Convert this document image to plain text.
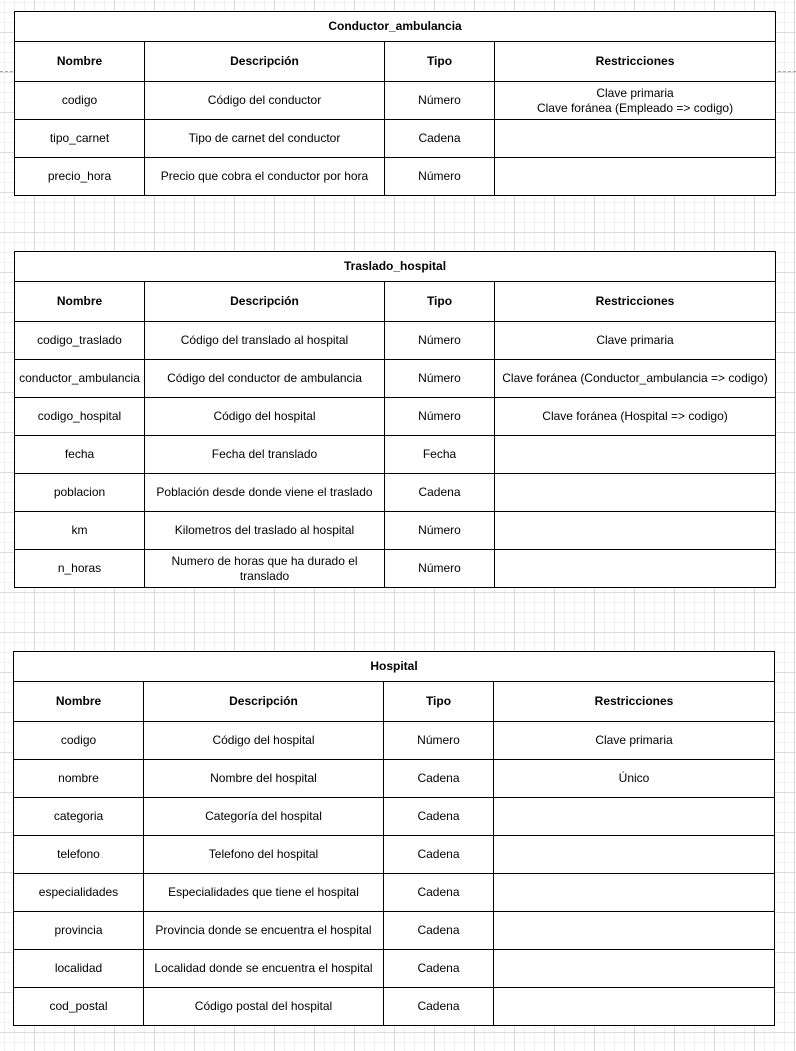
Conductor_ambulancia			
Nombre	Descripción	Tipo	Restricciones
codigo	Código del conductor	Número	Clave primaria
Clave foránea (Empleado => codigo)

tipo_carnet	Tipo de carnet del conductor	Cadena	
precio_hora	Precio que cobra el conductor por hora	Número	
Traslado_hospital			
Nombre	Descripción	Tipo	Restricciones
codigo_traslado	Código del translado al hospital	Número	Clave primaria

conductor_ambulancia	Código del conductor de ambulancia	Número	Clave foránea (Conductor_ambulancia => codigo)

codigo_hospital	Código del hospital	Número	Clave foránea (Hospital => codigo)

fecha	Fecha del translado	Fecha	
poblacion	Población desde donde viene el traslado	Cadena	
km	Kilometros del traslado al hospital	Número	
n_horas	Numero de horas que ha durado el translado	Número	
Hospital			
Nombre	Descripción	Tipo	Restricciones
codigo	Código del hospital	Número	Clave primaria

nombre	Nombre del hospital	Cadena	Único

categoria	Categoría del hospital	Cadena	
telefono	Telefono del hospital	Cadena	
especialidades	Especialidades que tiene el hospital	Cadena	
provincia	Provincia donde se encuentra el hospital	Cadena	
localidad	Localidad donde se encuentra el hospital	Cadena	
cod_postal	Código postal del hospital	Cadena	
